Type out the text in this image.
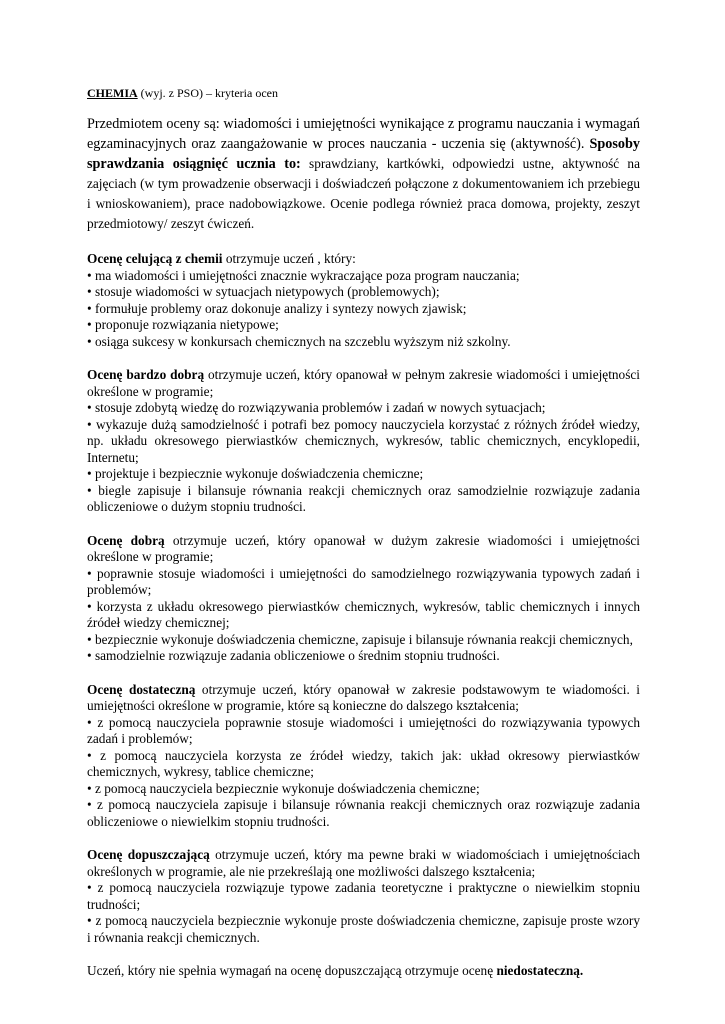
CHEMIA (wyj. z PSO) – kryteria ocen
Przedmiotem oceny są: wiadomości i umiejętności wynikające z programu nauczania i wymagań egzaminacyjnych oraz zaangażowanie w proces nauczania - uczenia się (aktywność). Sposoby sprawdzania osiągnięć ucznia to: sprawdziany, kartkówki, odpowiedzi ustne, aktywność na zajęciach (w tym prowadzenie obserwacji i doświadczeń połączone z dokumentowaniem ich przebiegu i wnioskowaniem), prace nadobowiązkowe. Ocenie podlega również praca domowa, projekty, zeszyt przedmiotowy/ zeszyt ćwiczeń.

Ocenę celującą z chemii otrzymuje uczeń , który:

• ma wiadomości i umiejętności znacznie wykraczające poza program nauczania;

• stosuje wiadomości w sytuacjach nietypowych (problemowych);

• formułuje problemy oraz dokonuje analizy i syntezy nowych zjawisk;

• proponuje rozwiązania nietypowe;

• osiąga sukcesy w konkursach chemicznych na szczeblu wyższym niż szkolny.

Ocenę bardzo dobrą otrzymuje uczeń, który opanował w pełnym zakresie wiadomości i umiejętności określone w programie;

• stosuje zdobytą wiedzę do rozwiązywania problemów i zadań w nowych sytuacjach;

• wykazuje dużą samodzielność i potrafi bez pomocy nauczyciela korzystać z różnych źródeł wiedzy, np. układu okresowego pierwiastków chemicznych, wykresów, tablic chemicznych, encyklopedii, Internetu;

• projektuje i bezpiecznie wykonuje doświadczenia chemiczne;

• biegle zapisuje i bilansuje równania reakcji chemicznych oraz samodzielnie rozwiązuje zadania obliczeniowe o dużym stopniu trudności.

Ocenę dobrą otrzymuje uczeń, który opanował w dużym zakresie wiadomości i umiejętności określone w programie;

• poprawnie stosuje wiadomości i umiejętności do samodzielnego rozwiązywania typowych zadań i problemów;

• korzysta z układu okresowego pierwiastków chemicznych, wykresów, tablic chemicznych i innych źródeł wiedzy chemicznej;

• bezpiecznie wykonuje doświadczenia chemiczne, zapisuje i bilansuje równania reakcji chemicznych,

• samodzielnie rozwiązuje zadania obliczeniowe o średnim stopniu trudności.

Ocenę dostateczną otrzymuje uczeń, który opanował w zakresie podstawowym te wiadomości. i umiejętności określone w programie, które są konieczne do dalszego kształcenia;

• z pomocą nauczyciela poprawnie stosuje wiadomości i umiejętności do rozwiązywania typowych zadań i problemów;

• z pomocą nauczyciela korzysta ze źródeł wiedzy, takich jak: układ okresowy pierwiastków chemicznych, wykresy, tablice chemiczne;

• z pomocą nauczyciela bezpiecznie wykonuje doświadczenia chemiczne;

• z pomocą nauczyciela zapisuje i bilansuje równania reakcji chemicznych oraz rozwiązuje zadania obliczeniowe o niewielkim stopniu trudności.

Ocenę dopuszczającą otrzymuje uczeń, który ma pewne braki w wiadomościach i umiejętnościach określonych w programie, ale nie przekreślają one możliwości dalszego kształcenia;

• z pomocą nauczyciela rozwiązuje typowe zadania teoretyczne i praktyczne o niewielkim stopniu trudności;

• z pomocą nauczyciela bezpiecznie wykonuje proste doświadczenia chemiczne, zapisuje proste wzory i równania reakcji chemicznych.

Uczeń, który nie spełnia wymagań na ocenę dopuszczającą otrzymuje ocenę niedostateczną.
